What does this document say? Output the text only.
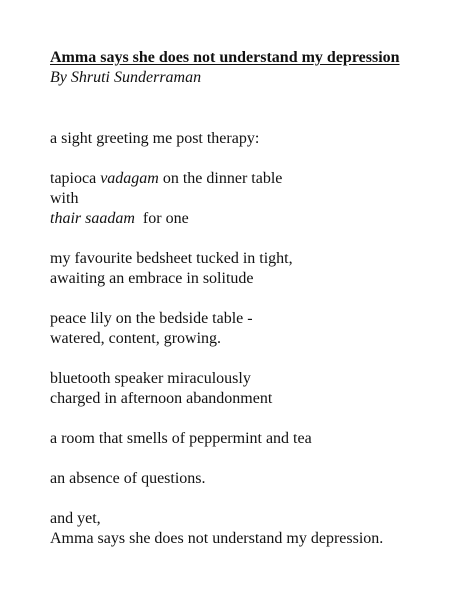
Amma says she does not understand my depression
By Shruti Sunderraman
a sight greeting me post therapy:
tapioca vadagam on the dinner table
with
thair saadam  for one
my favourite bedsheet tucked in tight,
awaiting an embrace in solitude
peace lily on the bedside table -
watered, content, growing.
bluetooth speaker miraculously
charged in afternoon abandonment
a room that smells of peppermint and tea
an absence of questions.
and yet,
Amma says she does not understand my depression.
